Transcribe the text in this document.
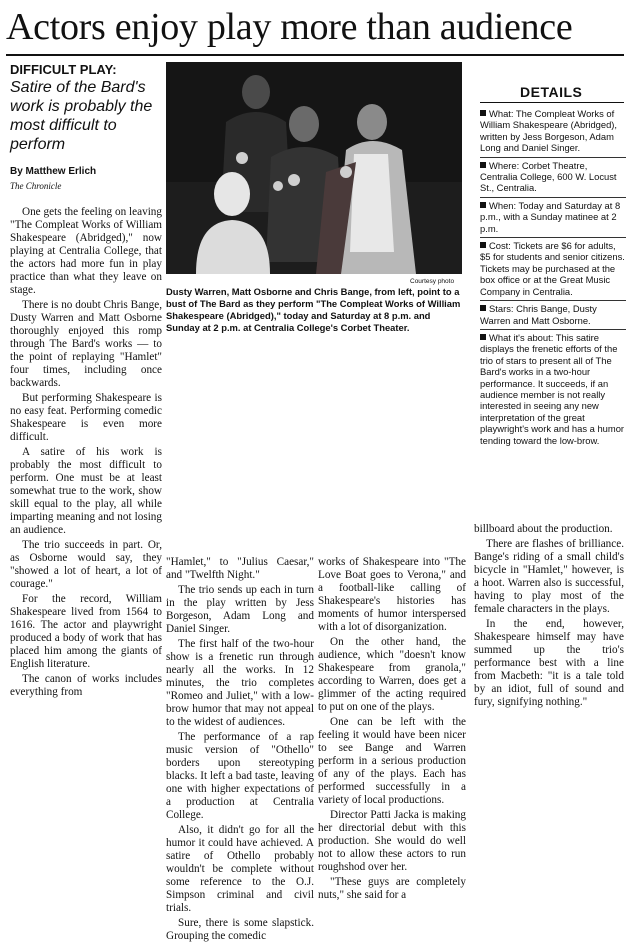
Actors enjoy play more than audience
DIFFICULT PLAY:
Satire of the Bard's work is probably the most difficult to perform
By Matthew Erlich
The Chronicle
Courtesy photo
Dusty Warren, Matt Osborne and Chris Bange, from left, point to a bust of The Bard as they perform "The Compleat Works of William Shakespeare (Abridged)," today and Saturday at 8 p.m. and Sunday at 2 p.m. at Centralia College's Corbet Theater.
DETAILS
What: The Compleat Works of William Shakespeare (Abridged), written by Jess Borgeson, Adam Long and Daniel Singer.
Where: Corbet Theatre, Centralia College, 600 W. Locust St., Centralia.
When: Today and Saturday at 8 p.m., with a Sunday matinee at 2 p.m.
Cost: Tickets are $6 for adults, $5 for students and senior citizens. Tickets may be purchased at the box office or at the Great Music Company in Centralia.
Stars: Chris Bange, Dusty Warren and Matt Osborne.
What it's about: This satire displays the frenetic efforts of the trio of stars to present all of The Bard's works in a two-hour performance. It succeeds, if an audience member is not really interested in seeing any new interpretation of the great playwright's work and has a humor tending toward the low-brow.

One gets the feeling on leaving "The Compleat Works of William Shakespeare (Abridged)," now playing at Centralia College, that the actors had more fun in play practice than what they leave on stage.

There is no doubt Chris Bange, Dusty Warren and Matt Osborne thoroughly enjoyed this romp through The Bard's works — to the point of replaying "Hamlet" four times, including once backwards.

But performing Shakespeare is no easy feat. Performing comedic Shakespeare is even more difficult.

A satire of his work is probably the most difficult to perform. One must be at least somewhat true to the work, show skill equal to the play, all while imparting meaning and not losing an audience.

The trio succeeds in part. Or, as Osborne would say, they "showed a lot of heart, a lot of courage."

For the record, William Shakespeare lived from 1564 to 1616. The actor and playwright produced a body of work that has placed him among the giants of English literature.

The canon of works includes everything from

"Hamlet," to "Julius Caesar," and "Twelfth Night."

The trio sends up each in turn in the play written by Jess Borgeson, Adam Long and Daniel Singer.

The first half of the two-hour show is a frenetic run through nearly all the works. In 12 minutes, the trio completes "Romeo and Juliet," with a low-brow humor that may not appeal to the widest of audiences.

The performance of a rap music version of "Othello" borders upon stereotyping blacks. It left a bad taste, leaving one with higher expectations of a production at Centralia College.

Also, it didn't go for all the humor it could have achieved. A satire of Othello probably wouldn't be complete without some reference to the O.J. Simpson criminal and civil trials.

Sure, there is some slapstick. Grouping the comedic

works of Shakespeare into "The Love Boat goes to Verona," and a football-like calling of Shakespeare's histories has moments of humor interspersed with a lot of disorganization.

On the other hand, the audience, which "doesn't know Shakespeare from granola," according to Warren, does get a glimmer of the acting required to put on one of the plays.

One can be left with the feeling it would have been nicer to see Bange and Warren perform in a serious production of any of the plays. Each has performed successfully in a variety of local productions.

Director Patti Jacka is making her directorial debut with this production. She would do well not to allow these actors to run roughshod over her.

"These guys are completely nuts," she said for a

billboard about the production.

There are flashes of brilliance. Bange's riding of a small child's bicycle in "Hamlet," however, is a hoot. Warren also is successful, having to play most of the female characters in the plays.

In the end, however, Shakespeare himself may have summed up the trio's performance best with a line from Macbeth: "it is a tale told by an idiot, full of sound and fury, signifying nothing."
